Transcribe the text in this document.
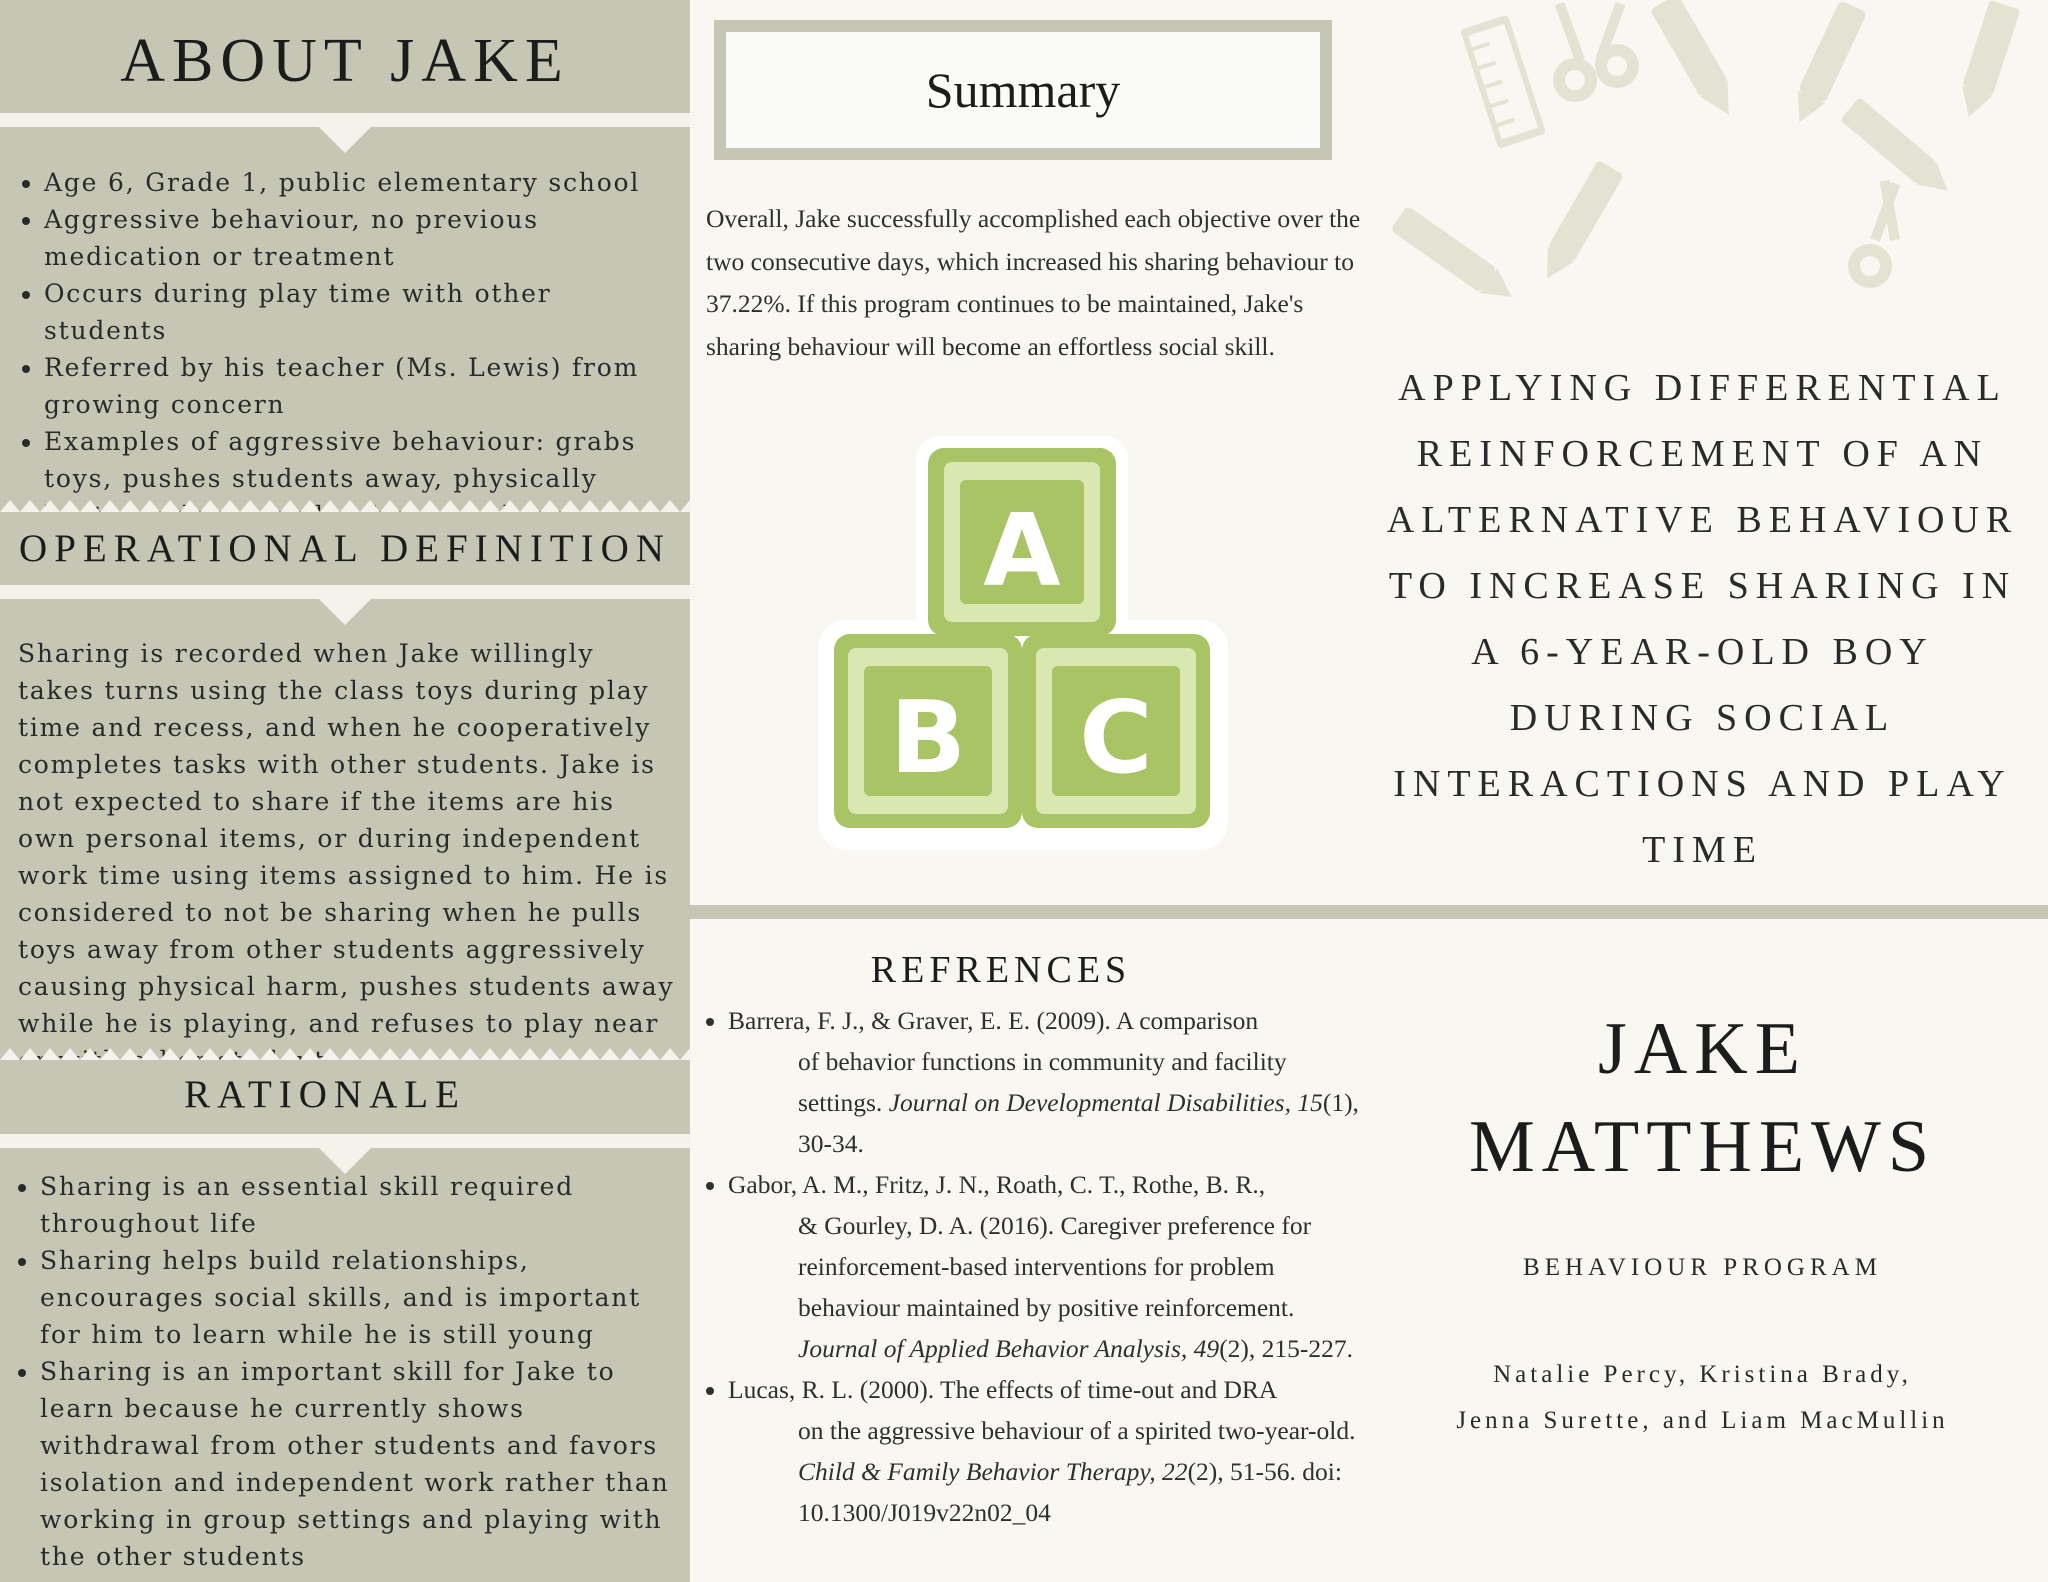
ABOUT JAKE
• Age 6, Grade 1, public elementary school
• Aggressive behaviour, no previous medication or treatment
• Occurs during play time with other students
• Referred by his teacher (Ms. Lewis) from growing concern
• Examples of aggressive behaviour: grabs toys, pushes students away, physically
OPERATIONAL DEFINITION
Sharing is recorded when Jake willingly takes turns using the class toys during play time and recess, and when he cooperatively completes tasks with other students. Jake is not expected to share if the items are his own personal items, or during independent work time using items assigned to him. He is considered to not be sharing when he pulls toys away from other students aggressively causing physical harm, pushes students away while he is playing, and refuses to play near
RATIONALE
• Sharing is an essential skill required throughout life
• Sharing helps build relationships, encourages social skills, and is important for him to learn while he is still young
• Sharing is an important skill for Jake to learn because he currently shows withdrawal from other students and favors isolation and independent work rather than working in group settings and playing with the other students
Summary
Overall, Jake successfully accomplished each objective over the two consecutive days, which increased his sharing behaviour to 37.22%. If this program continues to be maintained, Jake's sharing behaviour will become an effortless social skill.
A
B C
APPLYING DIFFERENTIAL REINFORCEMENT OF AN ALTERNATIVE BEHAVIOUR TO INCREASE SHARING IN A 6-YEAR-OLD BOY DURING SOCIAL INTERACTIONS AND PLAY TIME
REFRENCES
• Barrera, F. J., & Graver, E. E. (2009). A comparison
of behavior functions in community and facility settings. Journal on Developmental Disabilities, 15(1), 30-34.
• Gabor, A. M., Fritz, J. N., Roath, C. T., Rothe, B. R.,
& Gourley, D. A. (2016). Caregiver preference for reinforcement-based interventions for problem behaviour maintained by positive reinforcement. Journal of Applied Behavior Analysis, 49(2), 215-227.
• Lucas, R. L. (2000). The effects of time-out and DRA
on the aggressive behaviour of a spirited two-year-old. Child & Family Behavior Therapy, 22(2), 51-56. doi: 10.1300/J019v22n02_04
JAKE
MATTHEWS
BEHAVIOUR PROGRAM
Natalie Percy, Kristina Brady,
Jenna Surette, and Liam MacMullin
